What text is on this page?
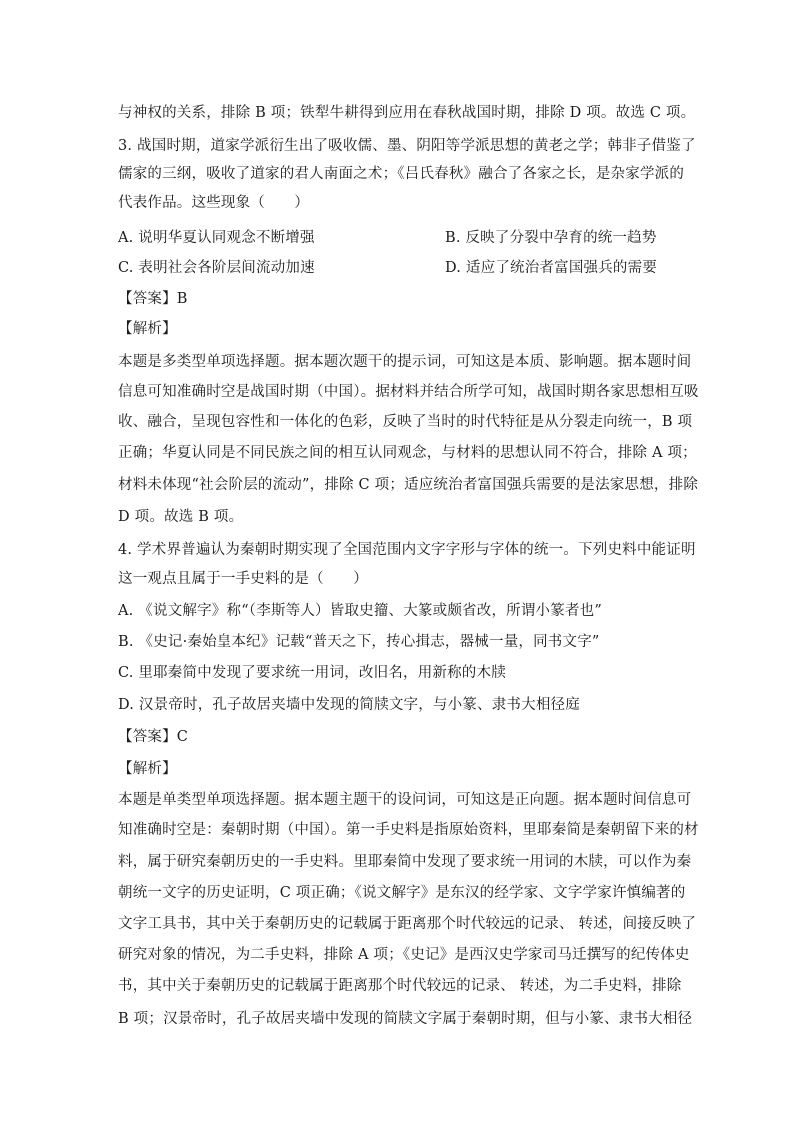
与神权的关系，排除 B 项；铁犁牛耕得到应用在春秋战国时期，排除 D 项。故选 C 项。
3. 战国时期，道家学派衍生出了吸收儒、墨、阴阳等学派思想的黄老之学；韩非子借鉴了
儒家的三纲，吸收了道家的君人南面之术；《吕氏春秋》融合了各家之长，是杂家学派的
代表作品。这些现象（　　）
A. 说明华夏认同观念不断增强	B. 反映了分裂中孕育的统一趋势
C. 表明社会各阶层间流动加速	D. 适应了统治者富国强兵的需要
【答案】B
【解析】
本题是多类型单项选择题。据本题次题干的提示词，可知这是本质、影响题。据本题时间
信息可知准确时空是战国时期（中国）。据材料并结合所学可知，战国时期各家思想相互吸
收、融合，呈现包容性和一体化的色彩，反映了当时的时代特征是从分裂走向统一，B 项
正确；华夏认同是不同民族之间的相互认同观念，与材料的思想认同不符合，排除 A 项；
材料未体现“社会阶层的流动”，排除 C 项；适应统治者富国强兵需要的是法家思想，排除
D 项。故选 B 项。
4. 学术界普遍认为秦朝时期实现了全国范围内文字字形与字体的统一。下列史料中能证明
这一观点且属于一手史料的是（　　）
A. 《说文解字》称“（李斯等人）皆取史籀、大篆或颇省改，所谓小篆者也”
B. 《史记·秦始皇本纪》记载“普天之下，抟心揖志，器械一量，同书文字”
C. 里耶秦简中发现了要求统一用词，改旧名，用新称的木牍
D. 汉景帝时，孔子故居夹墙中发现的简牍文字，与小篆、隶书大相径庭
【答案】C
【解析】
本题是单类型单项选择题。据本题主题干的设问词，可知这是正向题。据本题时间信息可
知准确时空是：秦朝时期（中国）。第一手史料是指原始资料，里耶秦简是秦朝留下来的材
料，属于研究秦朝历史的一手史料。里耶秦简中发现了要求统一用词的木牍，可以作为秦
朝统一文字的历史证明，C 项正确；《说文解字》是东汉的经学家、文字学家许慎编著的
文字工具书，其中关于秦朝历史的记载属于距离那个时代较远的记录、 转述，间接反映了
研究对象的情况，为二手史料，排除 A 项；《史记》是西汉史学家司马迁撰写的纪传体史
书，其中关于秦朝历史的记载属于距离那个时代较远的记录、 转述，为二手史料，排除
B 项；汉景帝时，孔子故居夹墙中发现的简牍文字属于秦朝时期，但与小篆、隶书大相径
